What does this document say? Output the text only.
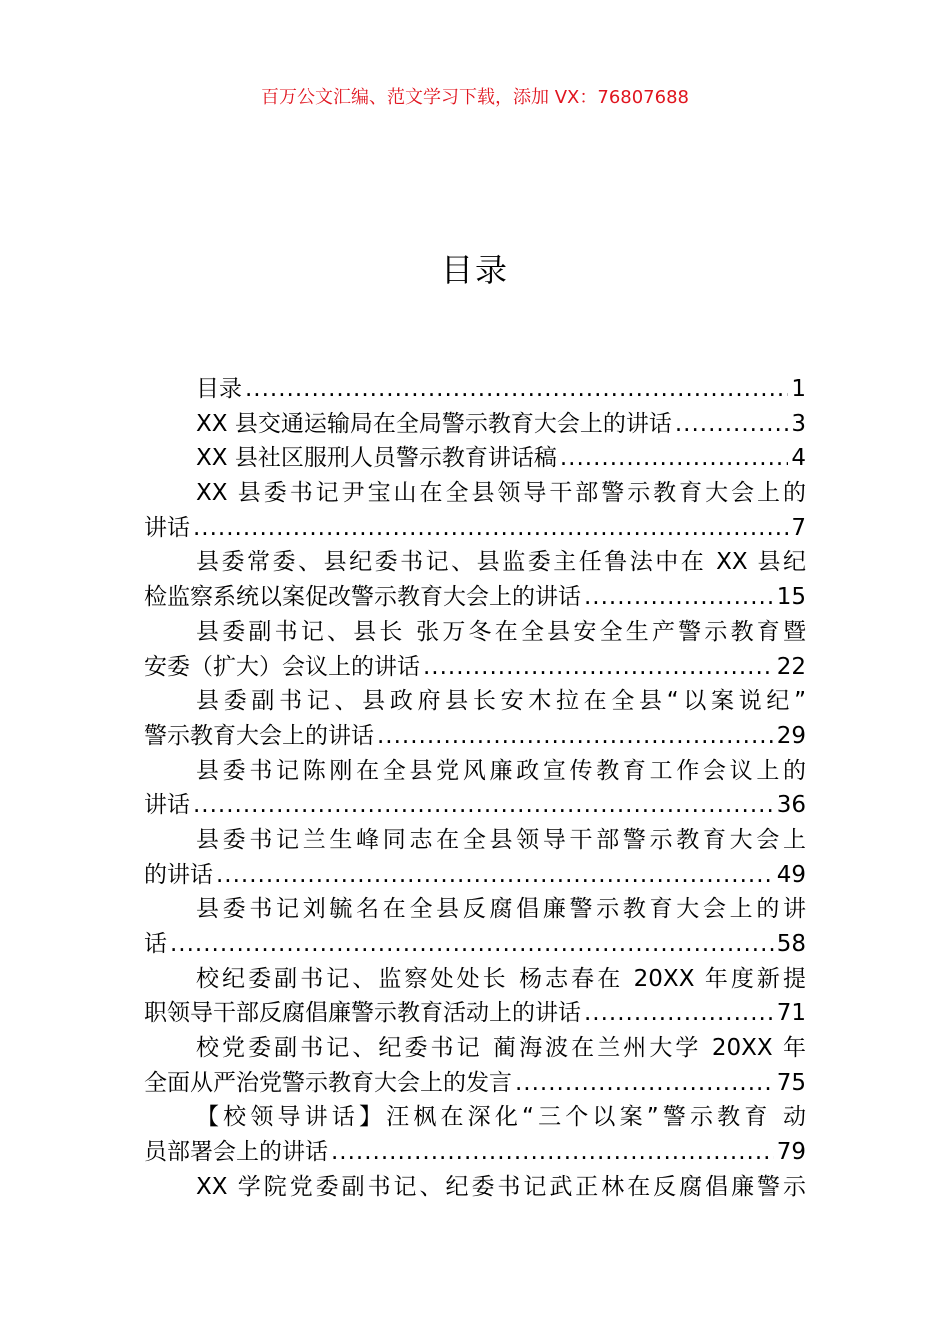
百万公文汇编、范文学习下载，添加 VX：76807688
目录
目录 .....	1
XX 县交通运输局在全局警示教育大会上的讲话 .....	3
XX 县社区服刑人员警示教育讲话稿 .....	4
XX 县委书记尹宝山在全县领导干部警示教育大会上的
讲话 .....	7
县委常委、县纪委书记、县监委主任鲁法中在 XX 县纪
检监察系统以案促改警示教育大会上的讲话 .....	15
县委副书记、县长 张万冬在全县安全生产警示教育暨
安委（扩大）会议上的讲话 .....	22
县委副书记、县政府县长安木拉在全县“以案说纪”
警示教育大会上的讲话 .....	29
县委书记陈刚在全县党风廉政宣传教育工作会议上的
讲话 .....	36
县委书记兰生峰同志在全县领导干部警示教育大会上
的讲话 .....	49
县委书记刘毓名在全县反腐倡廉警示教育大会上的讲
话 .....	58
校纪委副书记、监察处处长 杨志春在 20XX 年度新提
职领导干部反腐倡廉警示教育活动上的讲话 .....	71
校党委副书记、纪委书记 蔺海波在兰州大学 20XX 年
全面从严治党警示教育大会上的发言 .....	75
【校领导讲话】汪枫在深化“三个以案”警示教育 动
员部署会上的讲话 .....	79
XX 学院党委副书记、纪委书记武正林在反腐倡廉警示
